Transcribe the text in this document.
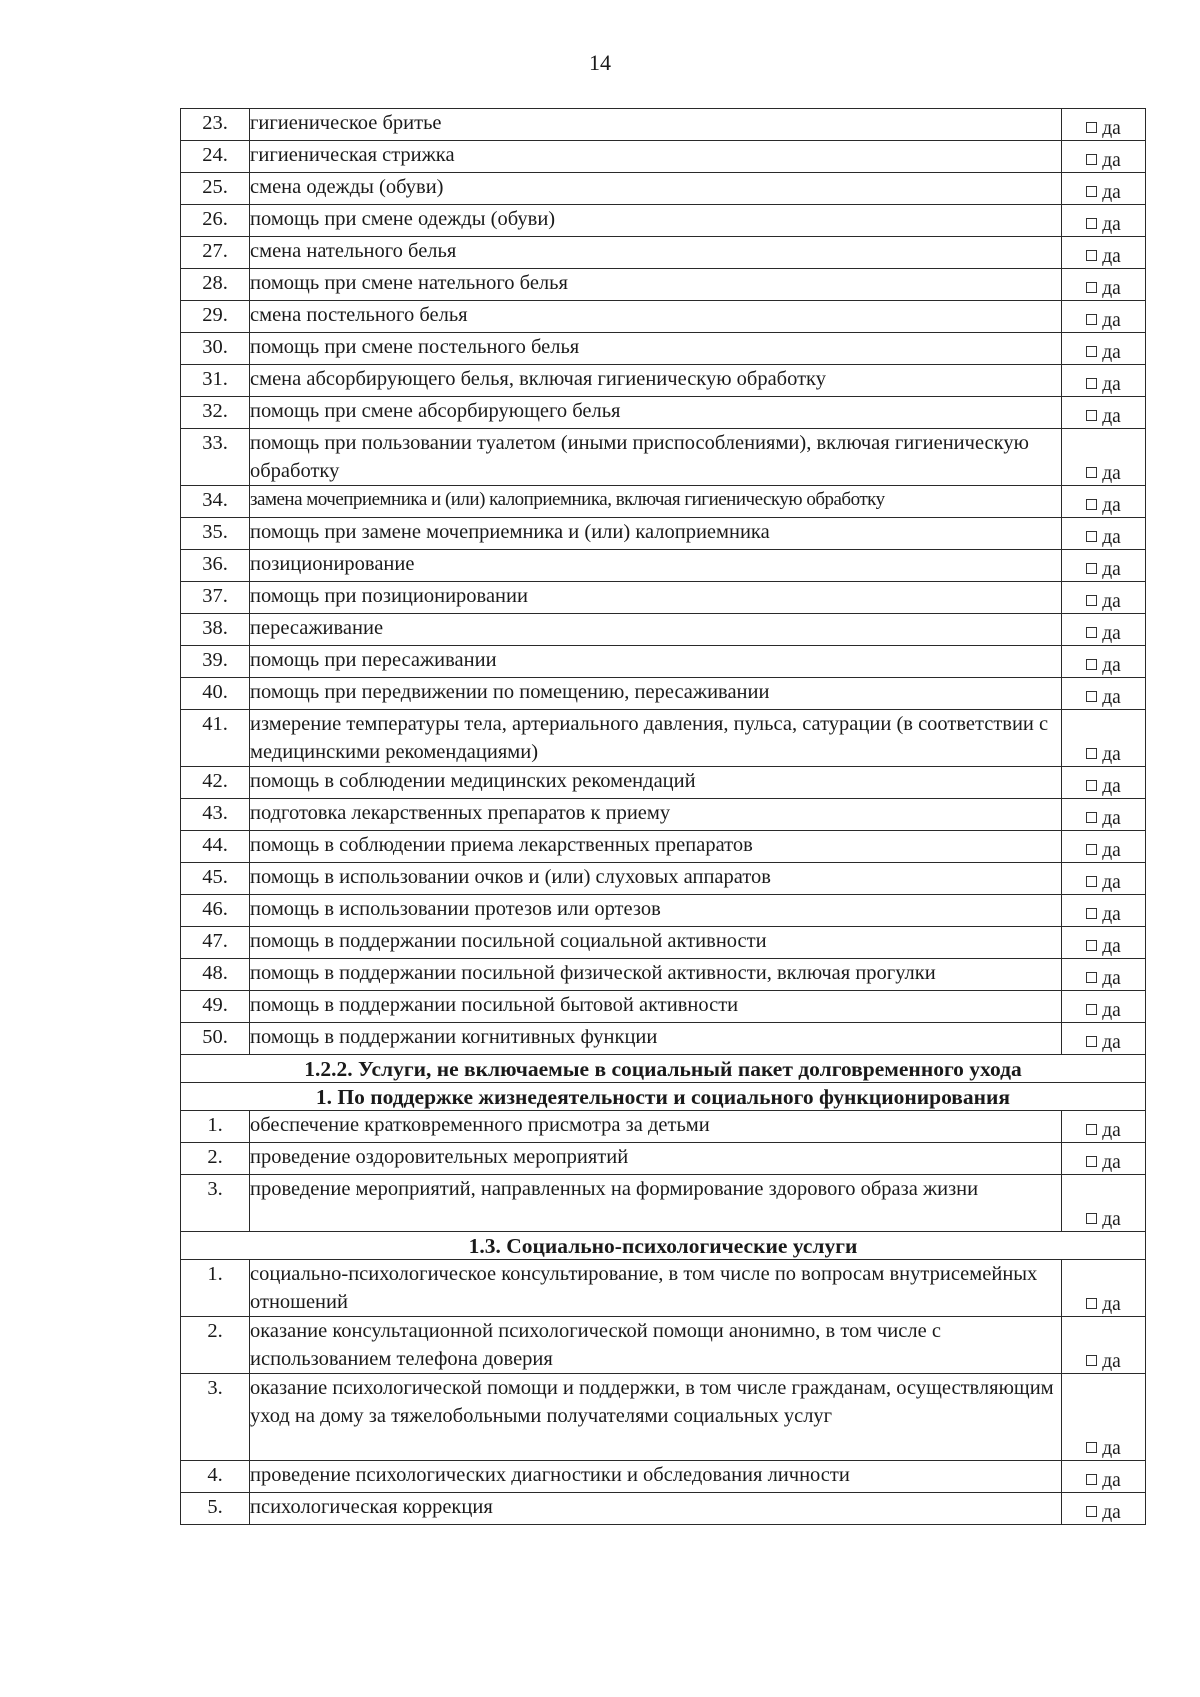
14
23.	гигиеническое бритье	да
24.	гигиеническая стрижка	да
25.	смена одежды (обуви)	да
26.	помощь при смене одежды (обуви)	да
27.	смена нательного белья	да
28.	помощь при смене нательного белья	да
29.	смена постельного белья	да
30.	помощь при смене постельного белья	да
31.	смена абсорбирующего белья, включая гигиеническую обработку	да
32.	помощь при смене абсорбирующего белья	да
33.	помощь при пользовании туалетом (иными приспособлениями), включая гигиеническую обработку	да
34.	замена мочеприемника и (или) калоприемника, включая гигиеническую обработку	да
35.	помощь при замене мочеприемника и (или) калоприемника	да
36.	позиционирование	да
37.	помощь при позиционировании	да
38.	пересаживание	да
39.	помощь при пересаживании	да
40.	помощь при передвижении по помещению, пересаживании	да
41.	измерение температуры тела, артериального давления, пульса, сатурации (в соответствии с медицинскими рекомендациями)	да
42.	помощь в соблюдении медицинских рекомендаций	да
43.	подготовка лекарственных препаратов к приему	да
44.	помощь в соблюдении приема лекарственных препаратов	да
45.	помощь в использовании очков и (или) слуховых аппаратов	да
46.	помощь в использовании протезов или ортезов	да
47.	помощь в поддержании посильной социальной активности	да
48.	помощь в поддержании посильной физической активности, включая прогулки	да
49.	помощь в поддержании посильной бытовой активности	да
50.	помощь в поддержании когнитивных функции	да
1.2.2. Услуги, не включаемые в социальный пакет долговременного ухода		
1. По поддержке жизнедеятельности и социального функционирования		
1.	обеспечение кратковременного присмотра за детьми	да
2.	проведение оздоровительных мероприятий	да
3.	проведение мероприятий, направленных на формирование здорового образа жизни	да
1.3. Социально-психологические услуги		
1.	социально-психологическое консультирование, в том числе по вопросам внутрисемейных отношений	да
2.	оказание консультационной психологической помощи анонимно, в том числе с использованием телефона доверия	да
3.	оказание психологической помощи и поддержки, в том числе гражданам, осуществляющим уход на дому за тяжелобольными получателями социальных услуг	да
4.	проведение психологических диагностики и обследования личности	да
5.	психологическая коррекция	да
